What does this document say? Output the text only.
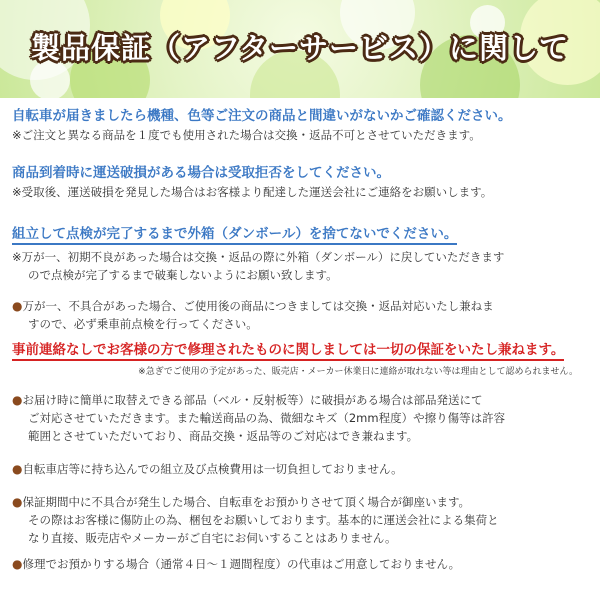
製品保証（アフターサービス）に関して
自転車が届きましたら機種、色等ご注文の商品と間違いがないかご確認ください。
※ご注文と異なる商品を１度でも使用された場合は交換・返品不可とさせていただきます。
商品到着時に運送破損がある場合は受取拒否をしてください。
※受取後、運送破損を発見した場合はお客様より配達した運送会社にご連絡をお願いします。
組立して点検が完了するまで外箱（ダンボール）を捨てないでください。
※万が一、初期不良があった場合は交換・返品の際に外箱（ダンボール）に戻していただきます
ので点検が完了するまで破棄しないようにお願い致します。
●万が一、不具合があった場合、ご使用後の商品につきましては交換・返品対応いたし兼ねま
すので、必ず乗車前点検を行ってください。
事前連絡なしでお客様の方で修理されたものに関しましては一切の保証をいたし兼ねます。
※急ぎでご使用の予定があった、販売店・メーカー休業日に連絡が取れない等は理由として認められません。
●お届け時に簡単に取替えできる部品（ベル・反射板等）に破損がある場合は部品発送にて
ご対応させていただきます。また輸送商品の為、微細なキズ（2mm程度）や擦り傷等は許容
範囲とさせていただいており、商品交換・返品等のご対応はでき兼ねます。
●自転車店等に持ち込んでの組立及び点検費用は一切負担しておりません。
●保証期間中に不具合が発生した場合、自転車をお預かりさせて頂く場合が御座います。
その際はお客様に傷防止の為、梱包をお願いしております。基本的に運送会社による集荷と
なり直接、販売店やメーカーがご自宅にお伺いすることはありません。
●修理でお預かりする場合（通常４日～１週間程度）の代車はご用意しておりません。
